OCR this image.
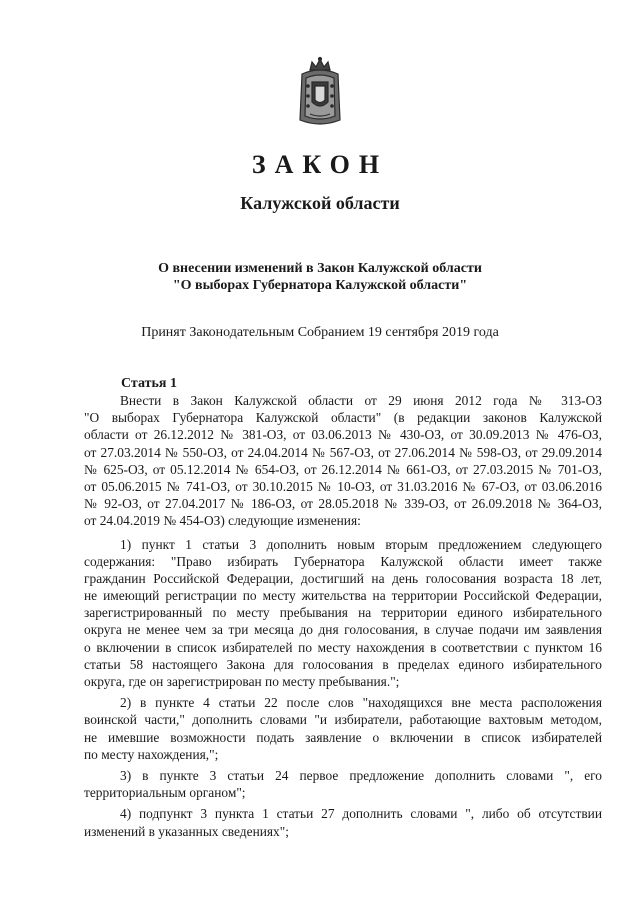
ЗАКОН
Калужской области
О внесении изменений в Закон Калужской области
"О выборах Губернатора Калужской области"
Принят Законодательным Собранием 19 сентября 2019 года
Статья 1
Внести в Закон Калужской области от 29 июня 2012 года № 313-ОЗ
"О выборах Губернатора Калужской области" (в редакции законов Калужской
области от 26.12.2012 № 381-ОЗ, от 03.06.2013 № 430-ОЗ, от 30.09.2013 № 476-ОЗ,
от 27.03.2014 № 550-ОЗ, от 24.04.2014 № 567-ОЗ, от 27.06.2014 № 598-ОЗ, от 29.09.2014
№ 625-ОЗ, от 05.12.2014 № 654-ОЗ, от 26.12.2014 № 661-ОЗ, от 27.03.2015 № 701-ОЗ,
от 05.06.2015 № 741-ОЗ, от 30.10.2015 № 10-ОЗ, от 31.03.2016 № 67-ОЗ, от 03.06.2016
№ 92-ОЗ, от 27.04.2017 № 186-ОЗ, от 28.05.2018 № 339-ОЗ, от 26.09.2018 № 364-ОЗ,
от 24.04.2019 № 454-ОЗ) следующие изменения:
1) пункт 1 статьи 3 дополнить новым вторым предложением следующего
содержания: "Право избирать Губернатора Калужской области имеет также
гражданин Российской Федерации, достигший на день голосования возраста 18 лет,
не имеющий регистрации по месту жительства на территории Российской Федерации,
зарегистрированный по месту пребывания на территории единого избирательного
округа не менее чем за три месяца до дня голосования, в случае подачи им заявления
о включении в список избирателей по месту нахождения в соответствии с пунктом 16
статьи 58 настоящего Закона для голосования в пределах единого избирательного
округа, где он зарегистрирован по месту пребывания.";
2) в пункте 4 статьи 22 после слов "находящихся вне места расположения
воинской части," дополнить словами "и избиратели, работающие вахтовым методом,
не имевшие возможности подать заявление о включении в список избирателей
по месту нахождения,";
3) в пункте 3 статьи 24 первое предложение дополнить словами ", его
территориальным органом";
4) подпункт 3 пункта 1 статьи 27 дополнить словами ", либо об отсутствии
изменений в указанных сведениях";
